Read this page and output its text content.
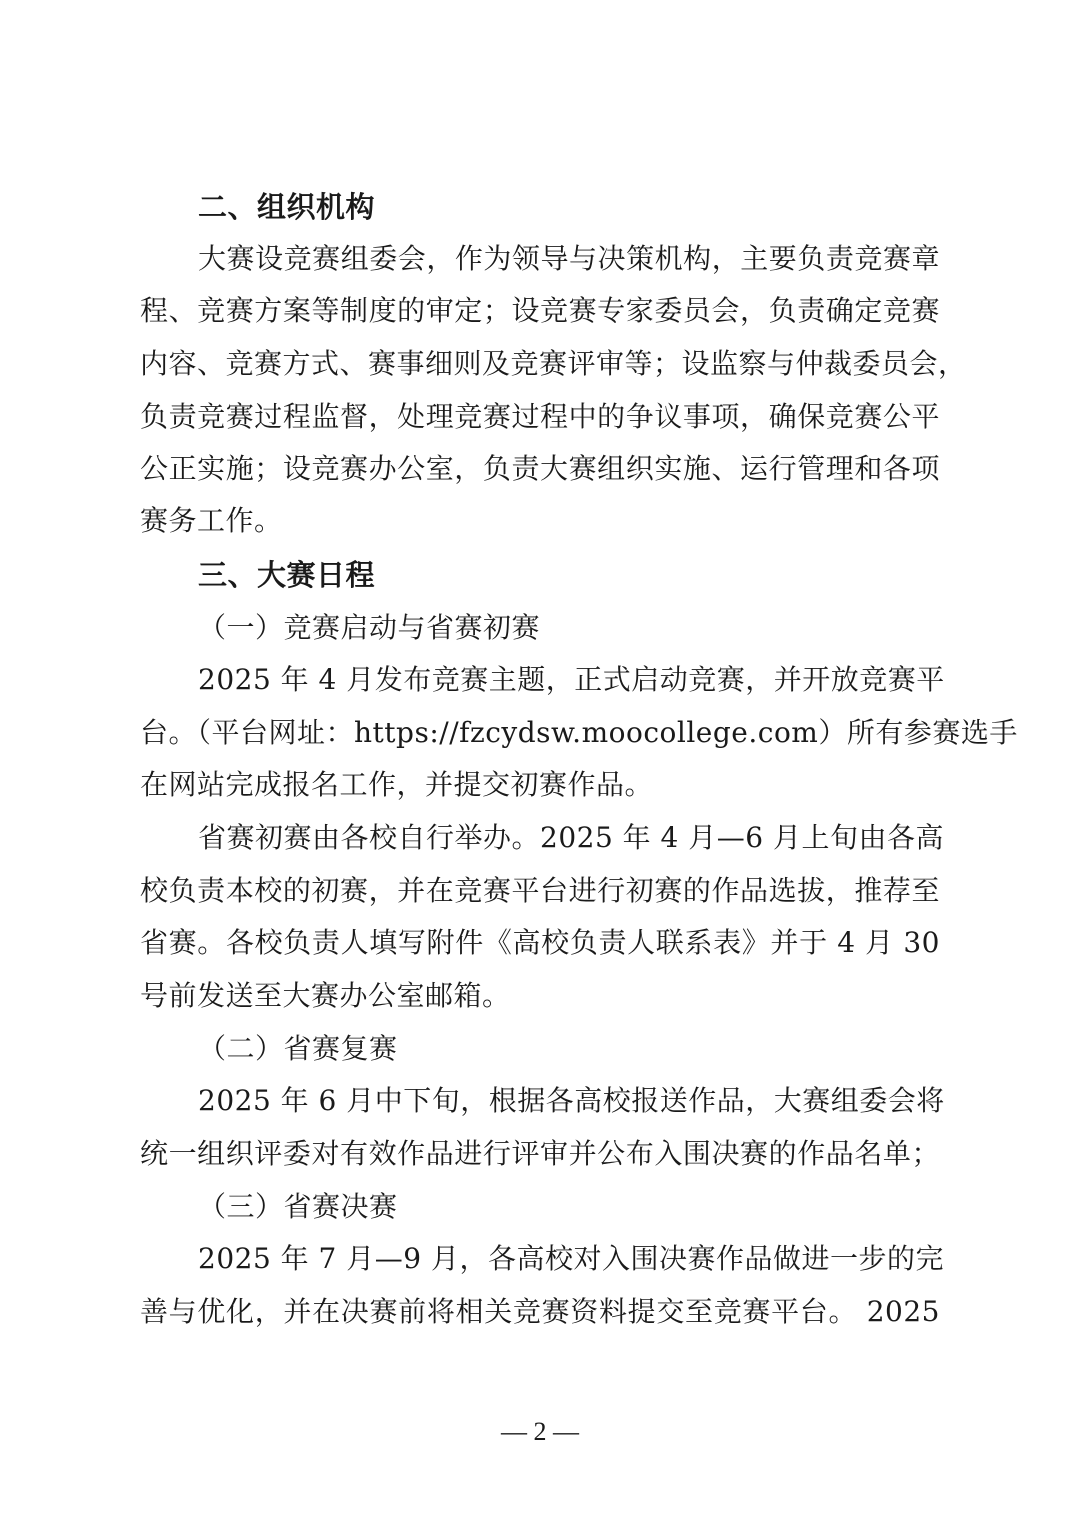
二、组织机构
大赛设竞赛组委会，作为领导与决策机构，主要负责竞赛章
程、竞赛方案等制度的审定；设竞赛专家委员会，负责确定竞赛
内容、竞赛方式、赛事细则及竞赛评审等；设监察与仲裁委员会，
负责竞赛过程监督，处理竞赛过程中的争议事项，确保竞赛公平
公正实施；设竞赛办公室，负责大赛组织实施、运行管理和各项
赛务工作。
三、大赛日程
（一）竞赛启动与省赛初赛
2025 年 4 月发布竞赛主题，正式启动竞赛，并开放竞赛平
台。（平台网址：https://fzcydsw.moocollege.com）所有参赛选手
在网站完成报名工作，并提交初赛作品。
省赛初赛由各校自行举办。2025 年 4 月—6 月上旬由各高
校负责本校的初赛，并在竞赛平台进行初赛的作品选拔，推荐至
省赛。各校负责人填写附件《高校负责人联系表》并于 4 月 30
号前发送至大赛办公室邮箱。
（二）省赛复赛
2025 年 6 月中下旬，根据各高校报送作品，大赛组委会将
统一组织评委对有效作品进行评审并公布入围决赛的作品名单；
（三）省赛决赛
2025 年 7 月—9 月，各高校对入围决赛作品做进一步的完
善与优化，并在决赛前将相关竞赛资料提交至竞赛平台。 2025
— 2 —
